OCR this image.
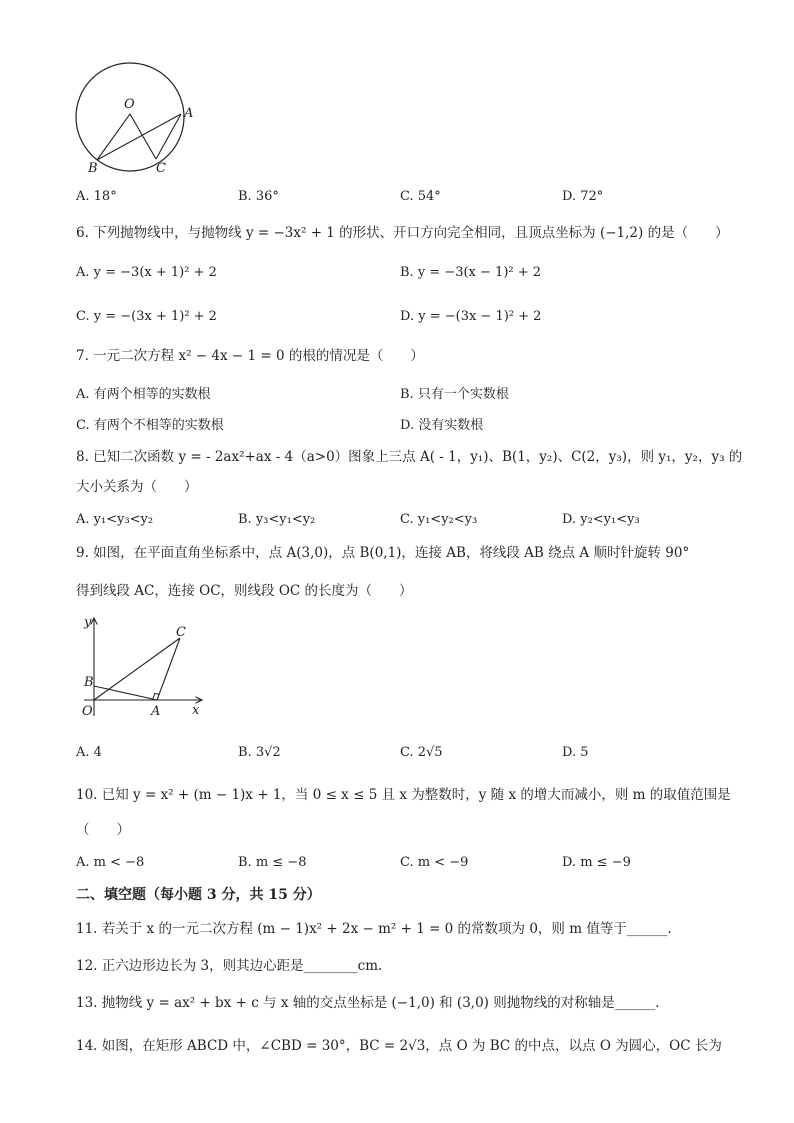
O
A
B	C
A. 18°	B. 36°	C. 54°	D. 72°
6. 下列抛物线中，与抛物线 y = −3x² + 1 的形状、开口方向完全相同，且顶点坐标为 (−1,2) 的是（　　）
A. y = −3(x + 1)² + 2	B. y = −3(x − 1)² + 2
C. y = −(3x + 1)² + 2	D. y = −(3x − 1)² + 2
7. 一元二次方程 x² − 4x − 1 = 0 的根的情况是（　　）
A. 有两个相等的实数根	B. 只有一个实数根
C. 有两个不相等的实数根	D. 没有实数根
8. 已知二次函数 y = - 2ax²+ax - 4（a>0）图象上三点 A( - 1，y₁)、B(1，y₂)、C(2，y₃)，则 y₁，y₂，y₃ 的
大小关系为（　　）
A. y₁<y₃<y₂	B. y₃<y₁<y₂	C. y₁<y₂<y₃	D. y₂<y₁<y₃
9. 如图，在平面直角坐标系中，点 A(3,0)，点 B(0,1)，连接 AB，将线段 AB 绕点 A 顺时针旋转 90°
得到线段 AC，连接 OC，则线段 OC 的长度为（　　）
y
x
O
B
A
C
A. 4	B. 3√2	C. 2√5	D. 5
10. 已知 y = x² + (m − 1)x + 1，当 0 ≤ x ≤ 5 且 x 为整数时，y 随 x 的增大而减小，则 m 的取值范围是
（　　）
A. m < −8	B. m ≤ −8	C. m < −9	D. m ≤ −9
二、填空题（每小题 3 分，共 15 分）
11. 若关于 x 的一元二次方程 (m − 1)x² + 2x − m² + 1 = 0 的常数项为 0，则 m 值等于______.
12. 正六边形边长为 3，则其边心距是________cm.
13. 抛物线 y = ax² + bx + c 与 x 轴的交点坐标是 (−1,0) 和 (3,0) 则抛物线的对称轴是______.
14. 如图，在矩形 ABCD 中，∠CBD = 30°，BC = 2√3，点 O 为 BC 的中点，以点 O 为圆心，OC 长为
